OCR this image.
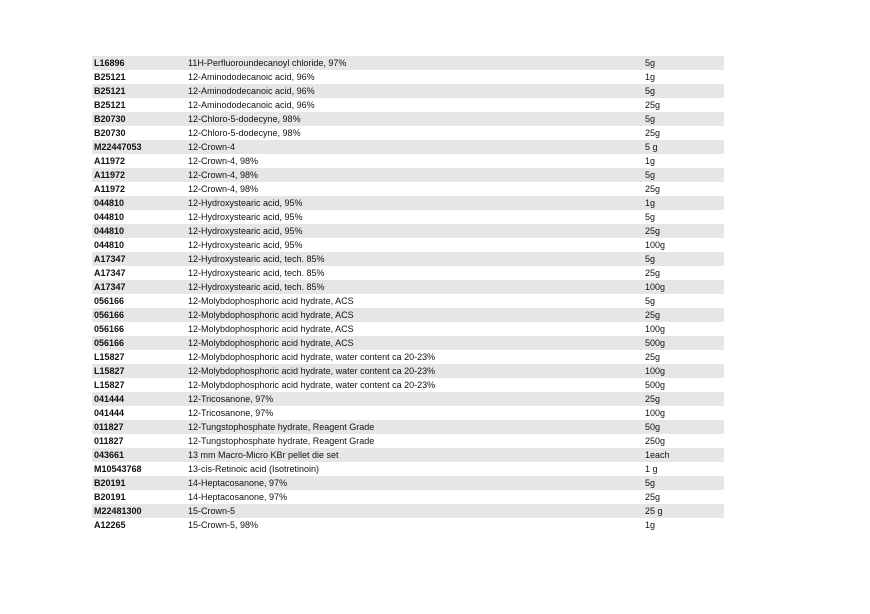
L16896	11H-Perfluoroundecanoyl chloride, 97%	5g
B25121	12-Aminododecanoic acid, 96%	1g
B25121	12-Aminododecanoic acid, 96%	5g
B25121	12-Aminododecanoic acid, 96%	25g
B20730	12-Chloro-5-dodecyne, 98%	5g
B20730	12-Chloro-5-dodecyne, 98%	25g
M22447053	12-Crown-4	5 g
A11972	12-Crown-4, 98%	1g
A11972	12-Crown-4, 98%	5g
A11972	12-Crown-4, 98%	25g
044810	12-Hydroxystearic acid, 95%	1g
044810	12-Hydroxystearic acid, 95%	5g
044810	12-Hydroxystearic acid, 95%	25g
044810	12-Hydroxystearic acid, 95%	100g
A17347	12-Hydroxystearic acid, tech. 85%	5g
A17347	12-Hydroxystearic acid, tech. 85%	25g
A17347	12-Hydroxystearic acid, tech. 85%	100g
056166	12-Molybdophosphoric acid hydrate, ACS	5g
056166	12-Molybdophosphoric acid hydrate, ACS	25g
056166	12-Molybdophosphoric acid hydrate, ACS	100g
056166	12-Molybdophosphoric acid hydrate, ACS	500g
L15827	12-Molybdophosphoric acid hydrate, water content ca 20-23%	25g
L15827	12-Molybdophosphoric acid hydrate, water content ca 20-23%	100g
L15827	12-Molybdophosphoric acid hydrate, water content ca 20-23%	500g
041444	12-Tricosanone, 97%	25g
041444	12-Tricosanone, 97%	100g
011827	12-Tungstophosphate hydrate, Reagent Grade	50g
011827	12-Tungstophosphate hydrate, Reagent Grade	250g
043661	13 mm Macro-Micro KBr pellet die set	1each
M10543768	13-cis-Retinoic acid (Isotretinoin)	1 g
B20191	14-Heptacosanone, 97%	5g
B20191	14-Heptacosanone, 97%	25g
M22481300	15-Crown-5	25 g
A12265	15-Crown-5, 98%	1g
